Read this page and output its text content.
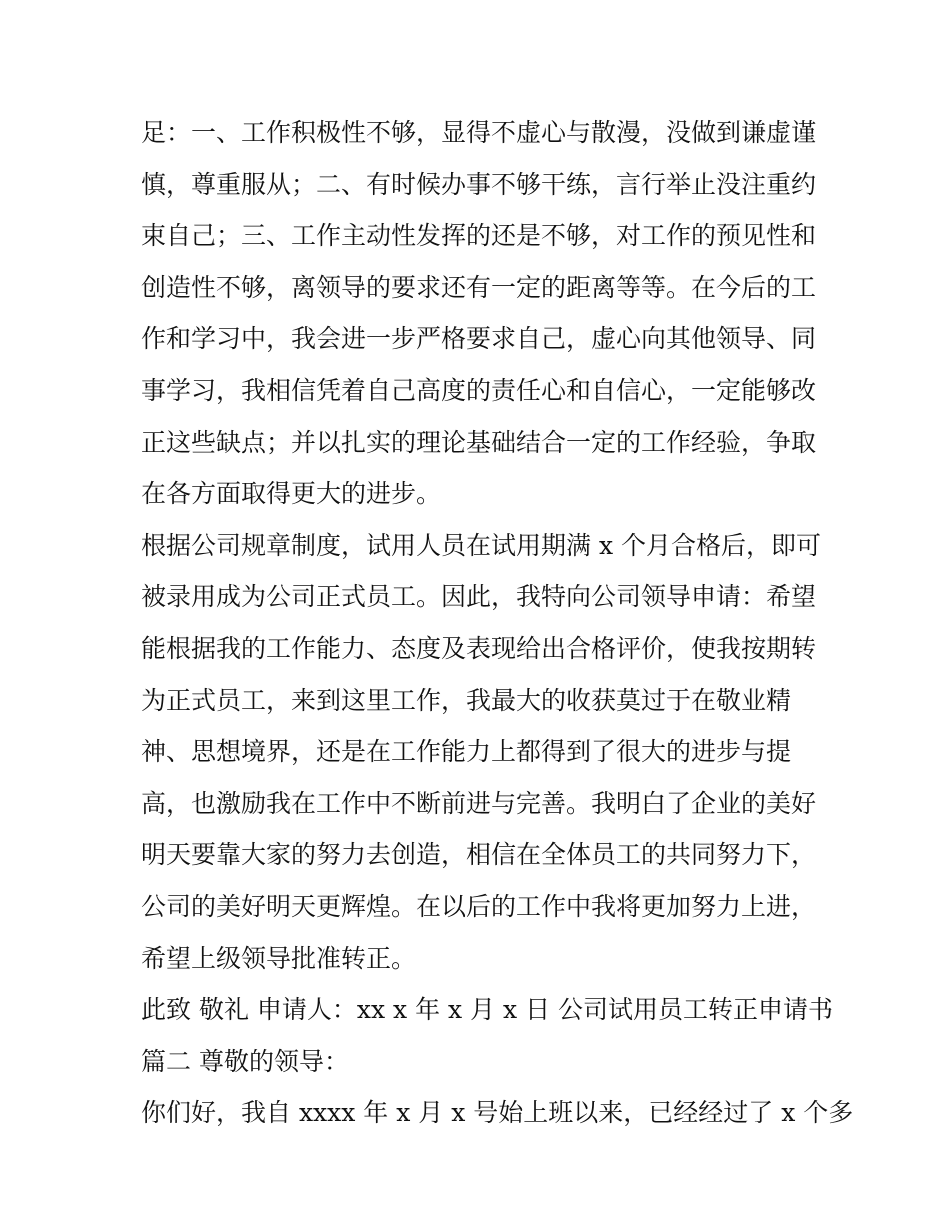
足：一、工作积极性不够，显得不虚心与散漫，没做到谦虚谨
慎，尊重服从；二、有时候办事不够干练，言行举止没注重约
束自己；三、工作主动性发挥的还是不够，对工作的预见性和
创造性不够，离领导的要求还有一定的距离等等。在今后的工
作和学习中，我会进一步严格要求自己，虚心向其他领导、同
事学习，我相信凭着自己高度的责任心和自信心，一定能够改
正这些缺点；并以扎实的理论基础结合一定的工作经验，争取
在各方面取得更大的进步。
根据公司规章制度，试用人员在试用期满 x 个月合格后，即可
被录用成为公司正式员工。因此，我特向公司领导申请：希望
能根据我的工作能力、态度及表现给出合格评价，使我按期转
为正式员工，来到这里工作，我最大的收获莫过于在敬业精
神、思想境界，还是在工作能力上都得到了很大的进步与提
高，也激励我在工作中不断前进与完善。我明白了企业的美好
明天要靠大家的努力去创造，相信在全体员工的共同努力下，
公司的美好明天更辉煌。在以后的工作中我将更加努力上进，
希望上级领导批准转正。
此致 敬礼 申请人：xx x 年 x 月 x 日 公司试用员工转正申请书
篇二 尊敬的领导：
你们好，我自 xxxx 年 x 月 x 号始上班以来，已经经过了 x 个多
